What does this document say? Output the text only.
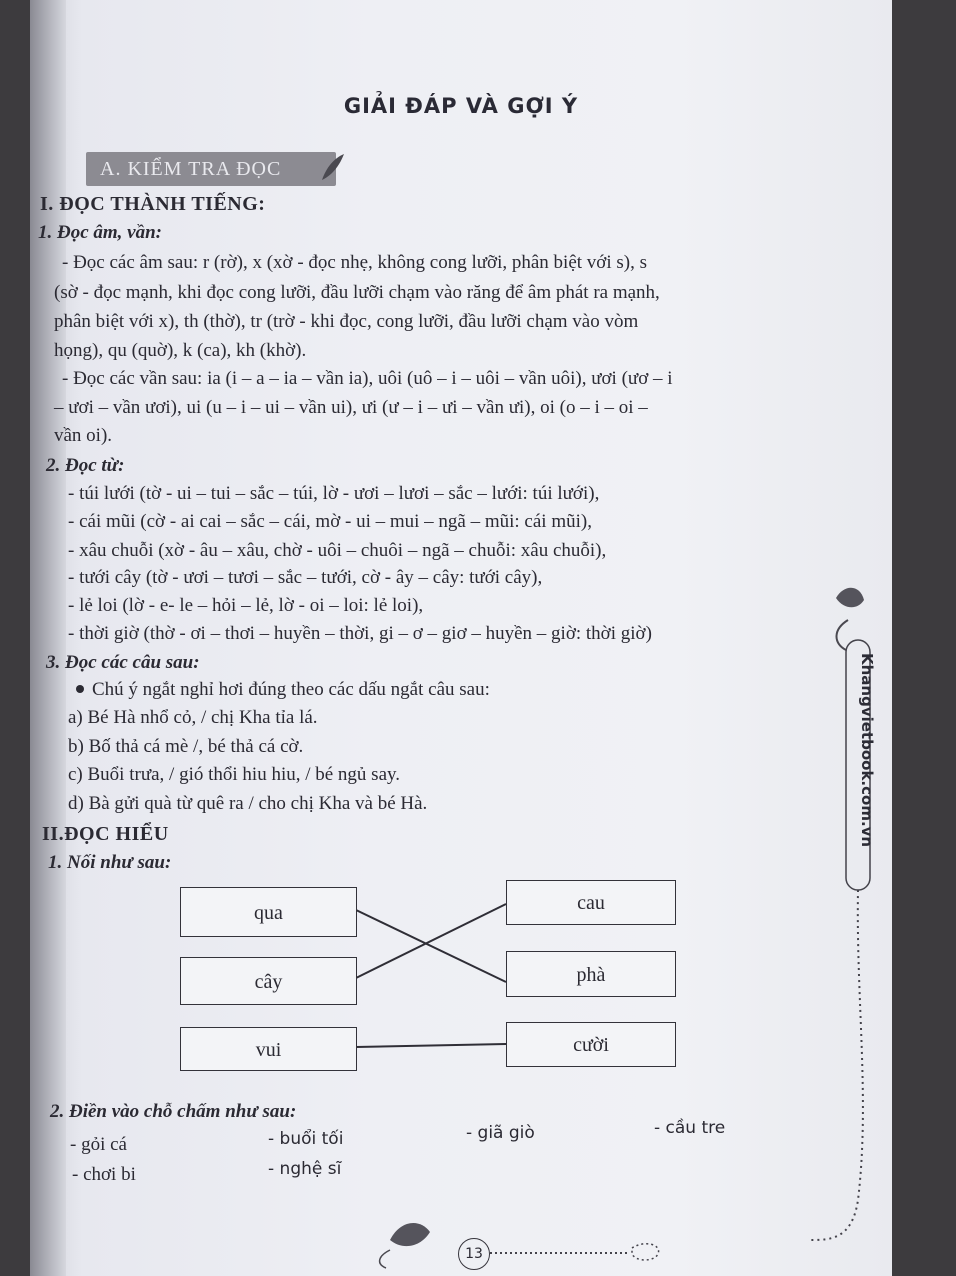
GIẢI ĐÁP VÀ GỢI Ý
A. KIỂM TRA ĐỌC
I. ĐỌC THÀNH TIẾNG:
1. Đọc âm, vần:
- Đọc các âm sau: r (rờ), x (xờ - đọc nhẹ, không cong lưỡi, phân biệt với s), s
(sờ - đọc mạnh, khi đọc cong lưỡi, đầu lưỡi chạm vào răng để âm phát ra mạnh,
phân biệt với x), th (thờ), tr (trờ - khi đọc, cong lưỡi, đầu lưỡi chạm vào vòm
họng), qu (quờ), k (ca), kh (khờ).
- Đọc các vần sau: ia (i – a – ia – vần ia), uôi (uô – i – uôi – vần uôi), ươi (ươ – i
– ươi – vần ươi), ui (u – i – ui – vần ui), ưi (ư – i – ưi – vần ưi), oi (o – i – oi –
vần oi).
2. Đọc từ:
- túi lưới (tờ - ui – tui – sắc – túi, lờ - ươi – lươi – sắc – lưới: túi lưới),
- cái mũi (cờ - ai cai – sắc – cái, mờ - ui – mui – ngã – mũi: cái mũi),
- xâu chuỗi (xờ - âu – xâu, chờ - uôi – chuôi – ngã – chuỗi: xâu chuỗi),
- tưới cây (tờ - ươi – tươi – sắc – tưới, cờ - ây – cây: tưới cây),
- lẻ loi (lờ - e- le – hỏi – lẻ, lờ - oi – loi: lẻ loi),
- thời giờ (thờ - ơi – thơi – huyền – thời, gi – ơ – giơ – huyền – giờ: thời giờ)
3. Đọc các câu sau:
Chú ý ngắt nghỉ hơi đúng theo các dấu ngắt câu sau:
a) Bé Hà nhổ cỏ, / chị Kha tỉa lá.
b) Bố thả cá mè /, bé thả cá cờ.
c) Buổi trưa, / gió thổi hiu hiu, / bé ngủ say.
d) Bà gửi quà từ quê ra / cho chị Kha và bé Hà.
II.ĐỌC HIỂU
1. Nối như sau:
qua
cây
vui
cau
phà
cười
2. Điền vào chỗ chấm như sau:
- gỏi cá	- buổi tối	- giã giò	- cầu tre
- chơi bi	- nghệ sĩ
Khangvietbook.com.vn
13
